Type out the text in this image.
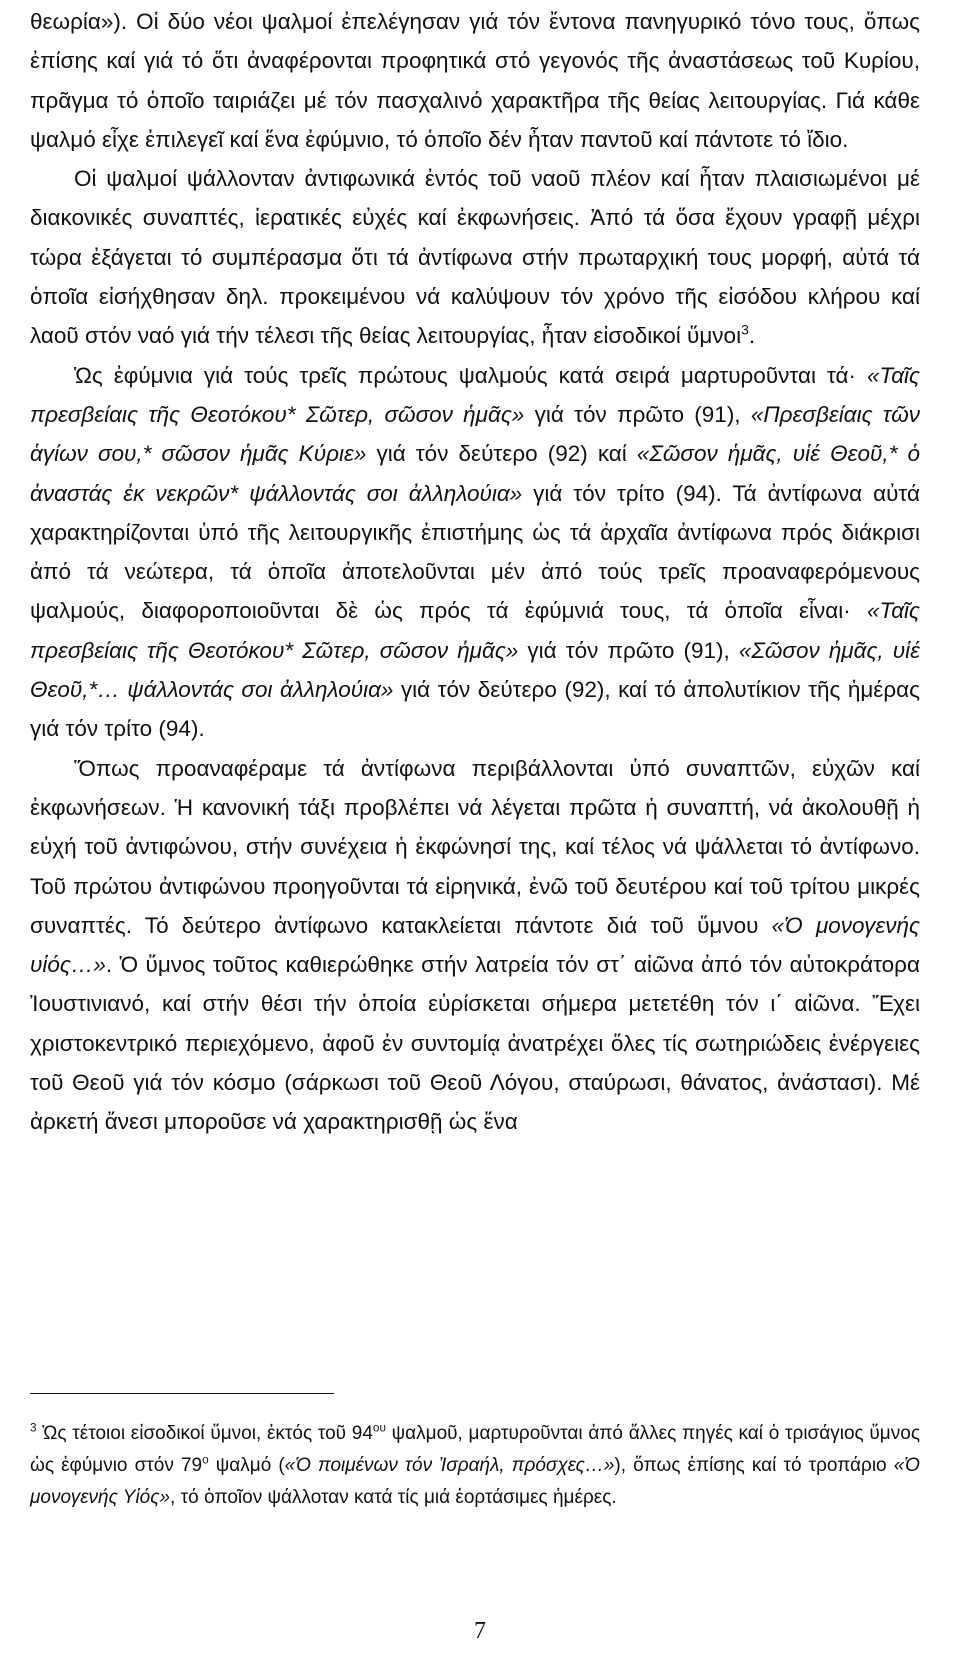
θεωρία»). Οἱ δύο νέοι ψαλμοί ἐπελέγησαν γιά τόν ἔντονα πανηγυρικό τόνο τους, ὅπως ἐπίσης καί γιά τό ὅτι ἀναφέρονται προφητικά στό γεγονός τῆς ἀναστάσεως τοῦ Κυρίου, πρᾶγμα τό ὁποῖο ταιριάζει μέ τόν πασχαλινό χαρακτῆρα τῆς θείας λειτουργίας. Γιά κάθε ψαλμό εἶχε ἐπιλεγεῖ καί ἕνα ἐφύμνιο, τό ὁποῖο δέν ἦταν παντοῦ καί πάντοτε τό ἴδιο.

Οἱ ψαλμοί ψάλλονταν ἀντιφωνικά ἐντός τοῦ ναοῦ πλέον καί ἦταν πλαισιωμένοι μέ διακονικές συναπτές, ἱερατικές εὐχές καί ἐκφωνήσεις. Ἀπό τά ὅσα ἔχουν γραφῇ μέχρι τώρα ἐξάγεται τό συμπέρασμα ὅτι τά ἀντίφωνα στήν πρωταρχική τους μορφή, αὐτά τά ὁποῖα εἰσήχθησαν δηλ. προκειμένου νά καλύψουν τόν χρόνο τῆς εἰσόδου κλήρου καί λαοῦ στόν ναό γιά τήν τέλεσι τῆς θείας λειτουργίας, ἦταν εἰσοδικοί ὕμνοι$^3$.

Ὡς ἐφύμνια γιά τούς τρεῖς πρώτους ψαλμούς κατά σειρά μαρτυροῦνται τά· «Ταῖς πρεσβείαις τῆς Θεοτόκου* Σῶτερ, σῶσον ἡμᾶς» γιά τόν πρῶτο (91), «Πρεσβείαις τῶν ἁγίων σου,* σῶσον ἡμᾶς Κύριε» γιά τόν δεύτερο (92) καί «Σῶσον ἡμᾶς, υἱέ Θεοῦ,* ὁ ἀναστάς ἐκ νεκρῶν* ψάλλοντάς σοι ἀλληλούια» γιά τόν τρίτο (94). Τά ἀντίφωνα αὐτά χαρακτηρίζονται ὑπό τῆς λειτουργικῆς ἐπιστήμης ὡς τά ἀρχαῖα ἀντίφωνα πρός διάκρισι ἀπό τά νεώτερα, τά ὁποῖα ἀποτελοῦνται μέν ἀπό τούς τρεῖς προαναφερόμενους ψαλμούς, διαφοροποιοῦνται δὲ ὡς πρός τά ἐφύμνιά τους, τά ὁποῖα εἶναι· «Ταῖς πρεσβείαις τῆς Θεοτόκου* Σῶτερ, σῶσον ἡμᾶς» γιά τόν πρῶτο (91), «Σῶσον ἡμᾶς, υἱέ Θεοῦ,*… ψάλλοντάς σοι ἀλληλούια» γιά τόν δεύτερο (92), καί τό ἀπολυτίκιον τῆς ἡμέρας γιά τόν τρίτο (94).

Ὅπως προαναφέραμε τά ἀντίφωνα περιβάλλονται ὑπό συναπτῶν, εὐχῶν καί ἐκφωνήσεων. Ἡ κανονική τάξι προβλέπει νά λέγεται πρῶτα ἡ συναπτή, νά ἀκολουθῇ ἡ εὐχή τοῦ ἀντιφώνου, στήν συνέχεια ἡ ἐκφώνησί της, καί τέλος νά ψάλλεται τό ἀντίφωνο. Τοῦ πρώτου ἀντιφώνου προηγοῦνται τά εἰρηνικά, ἐνῶ τοῦ δευτέρου καί τοῦ τρίτου μικρές συναπτές. Τό δεύτερο ἀντίφωνο κατακλείεται πάντοτε διά τοῦ ὕμνου «Ὁ μονογενής υἱός…». Ὁ ὕμνος τοῦτος καθιερώθηκε στήν λατρεία τόν στ΄ αἰῶνα ἀπό τόν αὐτοκράτορα Ἰουστινιανό, καί στήν θέσι τήν ὁποία εὑρίσκεται σήμερα μετετέθη τόν ι΄ αἰῶνα. Ἔχει χριστοκεντρικό περιεχόμενο, ἀφοῦ ἐν συντομίᾳ ἀνατρέχει ὅλες τίς σωτηριώδεις ἐνέργειες τοῦ Θεοῦ γιά τόν κόσμο (σάρκωσι τοῦ Θεοῦ Λόγου, σταύρωσι, θάνατος, ἀνάστασι). Μέ ἀρκετή ἄνεσι μποροῦσε νά χαρακτηρισθῇ ὡς ἕνα

$^3$ Ὡς τέτοιοι εἰσοδικοί ὕμνοι, ἐκτός τοῦ $94^{o\upsilon}$ ψαλμοῦ, μαρτυροῦνται ἀπό ἄλλες πηγές καί ὁ τρισάγιος ὕμνος ὡς ἐφύμνιο στόν $79^o$ ψαλμό («Ὁ ποιμένων τόν Ἰσραήλ, πρόσχες…»), ὅπως ἐπίσης καί τό τροπάριο «Ὁ μονογενής Υἱός», τό ὁποῖον ψάλλοταν κατά τίς μιά ἑορτάσιμες ἡμέρες.

7
